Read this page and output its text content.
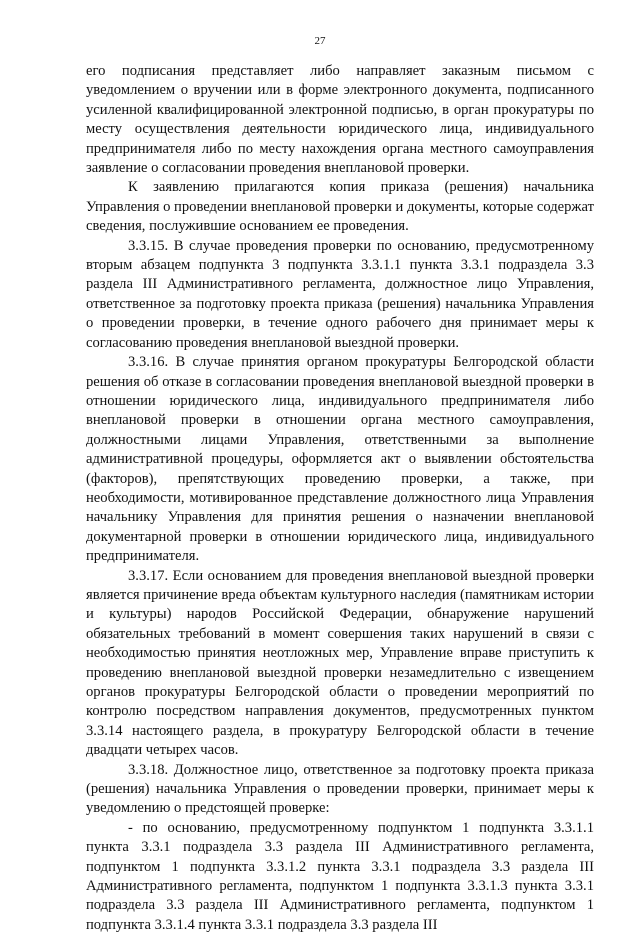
27

его подписания представляет либо направляет заказным письмом с уведомлением о вручении или в форме электронного документа, подписанного усиленной квалифицированной электронной подписью, в орган прокуратуры по месту осуществления деятельности юридического лица, индивидуального предпринимателя либо по месту нахождения органа местного самоуправления заявление о согласовании проведения внеплановой проверки.

К заявлению прилагаются копия приказа (решения) начальника Управления о проведении внеплановой проверки и документы, которые содержат сведения, послужившие основанием ее проведения.

3.3.15. В случае проведения проверки по основанию, предусмотренному вторым абзацем подпункта 3 подпункта 3.3.1.1 пункта 3.3.1 подраздела 3.3 раздела III Административного регламента, должностное лицо Управления, ответственное за подготовку проекта приказа (решения) начальника Управления о проведении проверки, в течение одного рабочего дня принимает меры к согласованию проведения внеплановой выездной проверки.

3.3.16. В случае принятия органом прокуратуры Белгородской области решения об отказе в согласовании проведения внеплановой выездной проверки в отношении юридического лица, индивидуального предпринимателя либо внеплановой проверки в отношении органа местного самоуправления, должностными лицами Управления, ответственными за выполнение административной процедуры, оформляется акт о выявлении обстоятельства (факторов), препятствующих проведению проверки, а также, при необходимости, мотивированное представление должностного лица Управления начальнику Управления для принятия решения о назначении внеплановой документарной проверки в отношении юридического лица, индивидуального предпринимателя.

3.3.17. Если основанием для проведения внеплановой выездной проверки является причинение вреда объектам культурного наследия (памятникам истории и культуры) народов Российской Федерации, обнаружение нарушений обязательных требований в момент совершения таких нарушений в связи с необходимостью принятия неотложных мер, Управление вправе приступить к проведению внеплановой выездной проверки незамедлительно с извещением органов прокуратуры Белгородской области о проведении мероприятий по контролю посредством направления документов, предусмотренных пунктом 3.3.14 настоящего раздела, в прокуратуру Белгородской области в течение двадцати четырех часов.

3.3.18. Должностное лицо, ответственное за подготовку проекта приказа (решения) начальника Управления о проведении проверки, принимает меры к уведомлению о предстоящей проверке:

- по основанию, предусмотренному подпунктом 1 подпункта 3.3.1.1 пункта 3.3.1 подраздела 3.3 раздела III Административного регламента, подпунктом 1 подпункта 3.3.1.2 пункта 3.3.1 подраздела 3.3 раздела III Административного регламента, подпунктом 1 подпункта 3.3.1.3 пункта 3.3.1 подраздела 3.3 раздела III Административного регламента, подпунктом 1 подпункта 3.3.1.4 пункта 3.3.1 подраздела 3.3 раздела III
